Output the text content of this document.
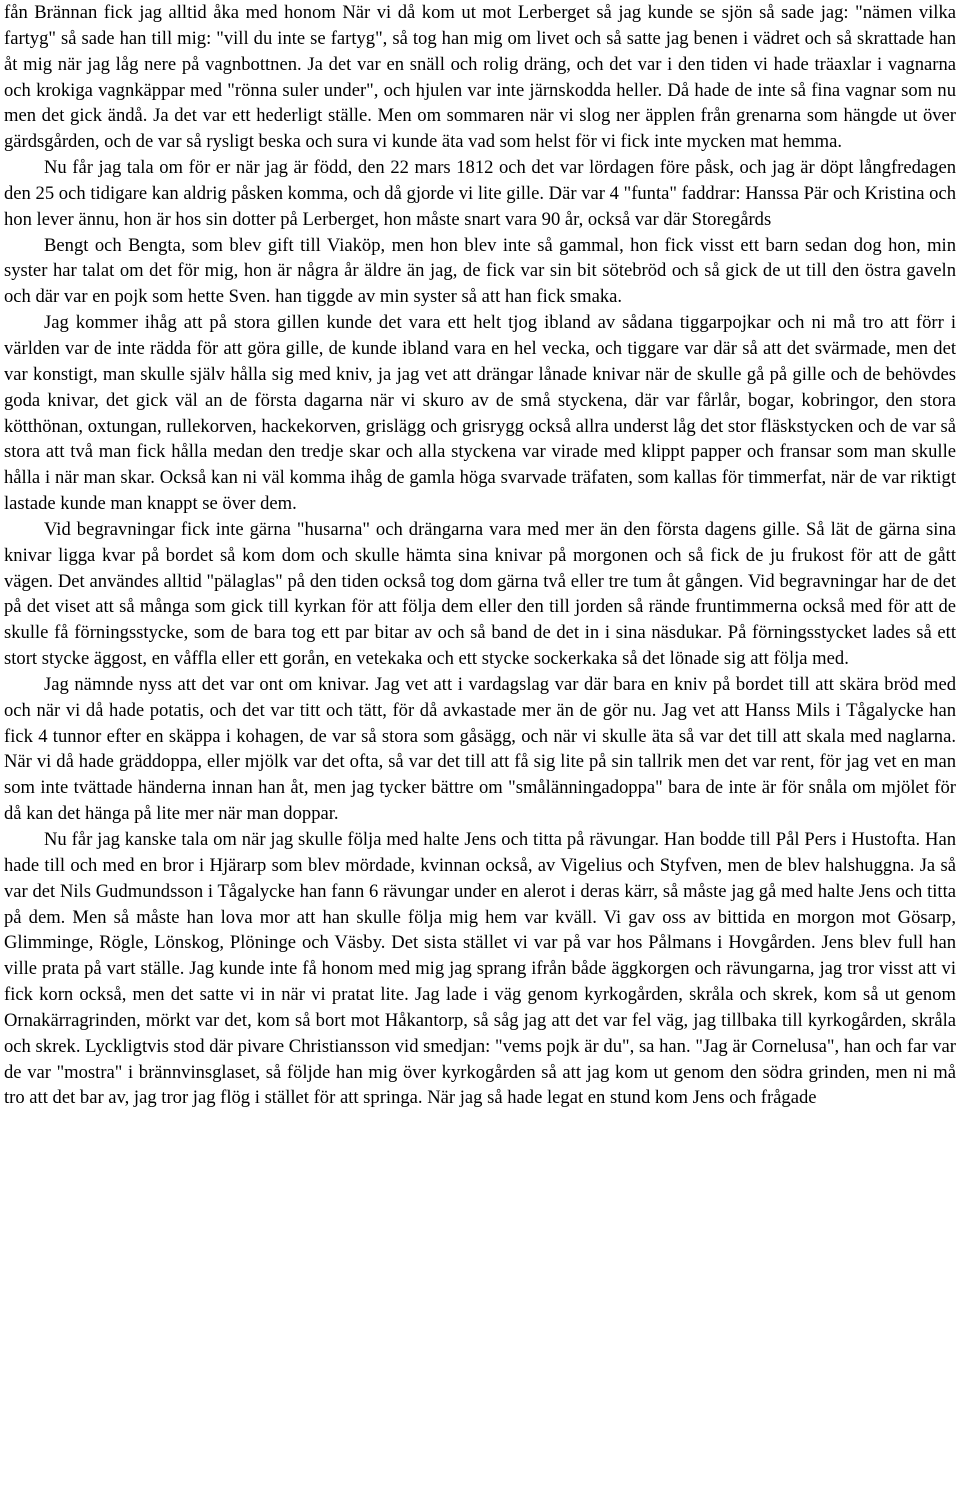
fån Brännan fick jag alltid åka med honom När vi då kom ut mot Lerberget så jag kunde se sjön så sade jag: "nämen vilka fartyg" så sade han till mig: "vill du inte se fartyg", så tog han mig om livet och så satte jag benen i vädret och så skrattade han åt mig när jag låg nere på vagnbottnen. Ja det var en snäll och rolig dräng, och det var i den tiden vi hade träaxlar i vagnarna och krokiga vagnkäppar med "rönna suler under", och hjulen var inte järnskodda heller. Då hade de inte så fina vagnar som nu men det gick ändå. Ja det var ett hederligt ställe. Men om sommaren när vi slog ner äpplen från grenarna som hängde ut över gärdsgården, och de var så rysligt beska och sura vi kunde äta vad som helst för vi fick inte mycken mat hemma.

Nu får jag tala om för er när jag är född, den 22 mars 1812 och det var lördagen före påsk, och jag är döpt långfredagen den 25 och tidigare kan aldrig påsken komma, och då gjorde vi lite gille. Där var 4 "funta" faddrar: Hanssa Pär och Kristina och hon lever ännu, hon är hos sin dotter på Lerberget, hon måste snart vara 90 år, också var där Storegårds

Bengt och Bengta, som blev gift till Viaköp, men hon blev inte så gammal, hon fick visst ett barn sedan dog hon, min syster har talat om det för mig, hon är några år äldre än jag, de fick var sin bit sötebröd och så gick de ut till den östra gaveln och där var en pojk som hette Sven. han tiggde av min syster så att han fick smaka.

Jag kommer ihåg att på stora gillen kunde det vara ett helt tjog ibland av sådana tiggarpojkar och ni må tro att förr i världen var de inte rädda för att göra gille, de kunde ibland vara en hel vecka, och tiggare var där så att det svärmade, men det var konstigt, man skulle själv hålla sig med kniv, ja jag vet att drängar lånade knivar när de skulle gå på gille och de behövdes goda knivar, det gick väl an de första dagarna när vi skuro av de små styckena, där var fårlår, bogar, kobringor, den stora kötthönan, oxtungan, rullekorven, hackekorven, grislägg och grisrygg också allra underst låg det stor fläskstycken och de var så stora att två man fick hålla medan den tredje skar och alla styckena var virade med klippt papper och fransar som man skulle hålla i när man skar. Också kan ni väl komma ihåg de gamla höga svarvade träfaten, som kallas för timmerfat, när de var riktigt lastade kunde man knappt se över dem.

Vid begravningar fick inte gärna "husarna" och drängarna vara med mer än den första dagens gille. Så lät de gärna sina knivar ligga kvar på bordet så kom dom och skulle hämta sina knivar på morgonen och så fick de ju frukost för att de gått vägen. Det användes alltid "pälaglas" på den tiden också tog dom gärna två eller tre tum åt gången. Vid begravningar har de det på det viset att så många som gick till kyrkan för att följa dem eller den till jorden så rände fruntimmerna också med för att de skulle få förningsstycke, som de bara tog ett par bitar av och så band de det in i sina näsdukar. På förningsstycket lades så ett stort stycke äggost, en våffla eller ett gorån, en vetekaka och ett stycke sockerkaka så det lönade sig att följa med.

Jag nämnde nyss att det var ont om knivar. Jag vet att i vardagslag var där bara en kniv på bordet till att skära bröd med och när vi då hade potatis, och det var titt och tätt, för då avkastade mer än de gör nu. Jag vet att Hanss Mils i Tågalycke han fick 4 tunnor efter en skäppa i kohagen, de var så stora som gåsägg, och när vi skulle äta så var det till att skala med naglarna. När vi då hade gräddoppa, eller mjölk var det ofta, så var det till att få sig lite på sin tallrik men det var rent, för jag vet en man som inte tvättade händerna innan han åt, men jag tycker bättre om "smålänningadoppa" bara de inte är för snåla om mjölet för då kan det hänga på lite mer när man doppar.

Nu får jag kanske tala om när jag skulle följa med halte Jens och titta på rävungar. Han bodde till Pål Pers i Hustofta. Han hade till och med en bror i Hjärarp som blev mördade, kvinnan också, av Vigelius och Styfven, men de blev halshuggna. Ja så var det Nils Gudmundsson i Tågalycke han fann 6 rävungar under en alerot i deras kärr, så måste jag gå med halte Jens och titta på dem. Men så måste han lova mor att han skulle följa mig hem var kväll. Vi gav oss av bittida en morgon mot Gösarp, Glimminge, Rögle, Lönskog, Plöninge och Väsby. Det sista stället vi var på var hos Pålmans i Hovgården. Jens blev full han ville prata på vart ställe. Jag kunde inte få honom med mig jag sprang ifrån både äggkorgen och rävungarna, jag tror visst att vi fick korn också, men det satte vi in när vi pratat lite. Jag lade i väg genom kyrkogården, skråla och skrek, kom så ut genom Ornakärragrinden, mörkt var det, kom så bort mot Håkantorp, så såg jag att det var fel väg, jag tillbaka till kyrkogården, skråla och skrek. Lyckligtvis stod där pivare Christiansson vid smedjan: "vems pojk är du", sa han. "Jag är Cornelusa", han och far var de var "mostra" i brännvinsglaset, så följde han mig över kyrkogården så att jag kom ut genom den södra grinden, men ni må tro att det bar av, jag tror jag flög i stället för att springa. När jag så hade legat en stund kom Jens och frågade
